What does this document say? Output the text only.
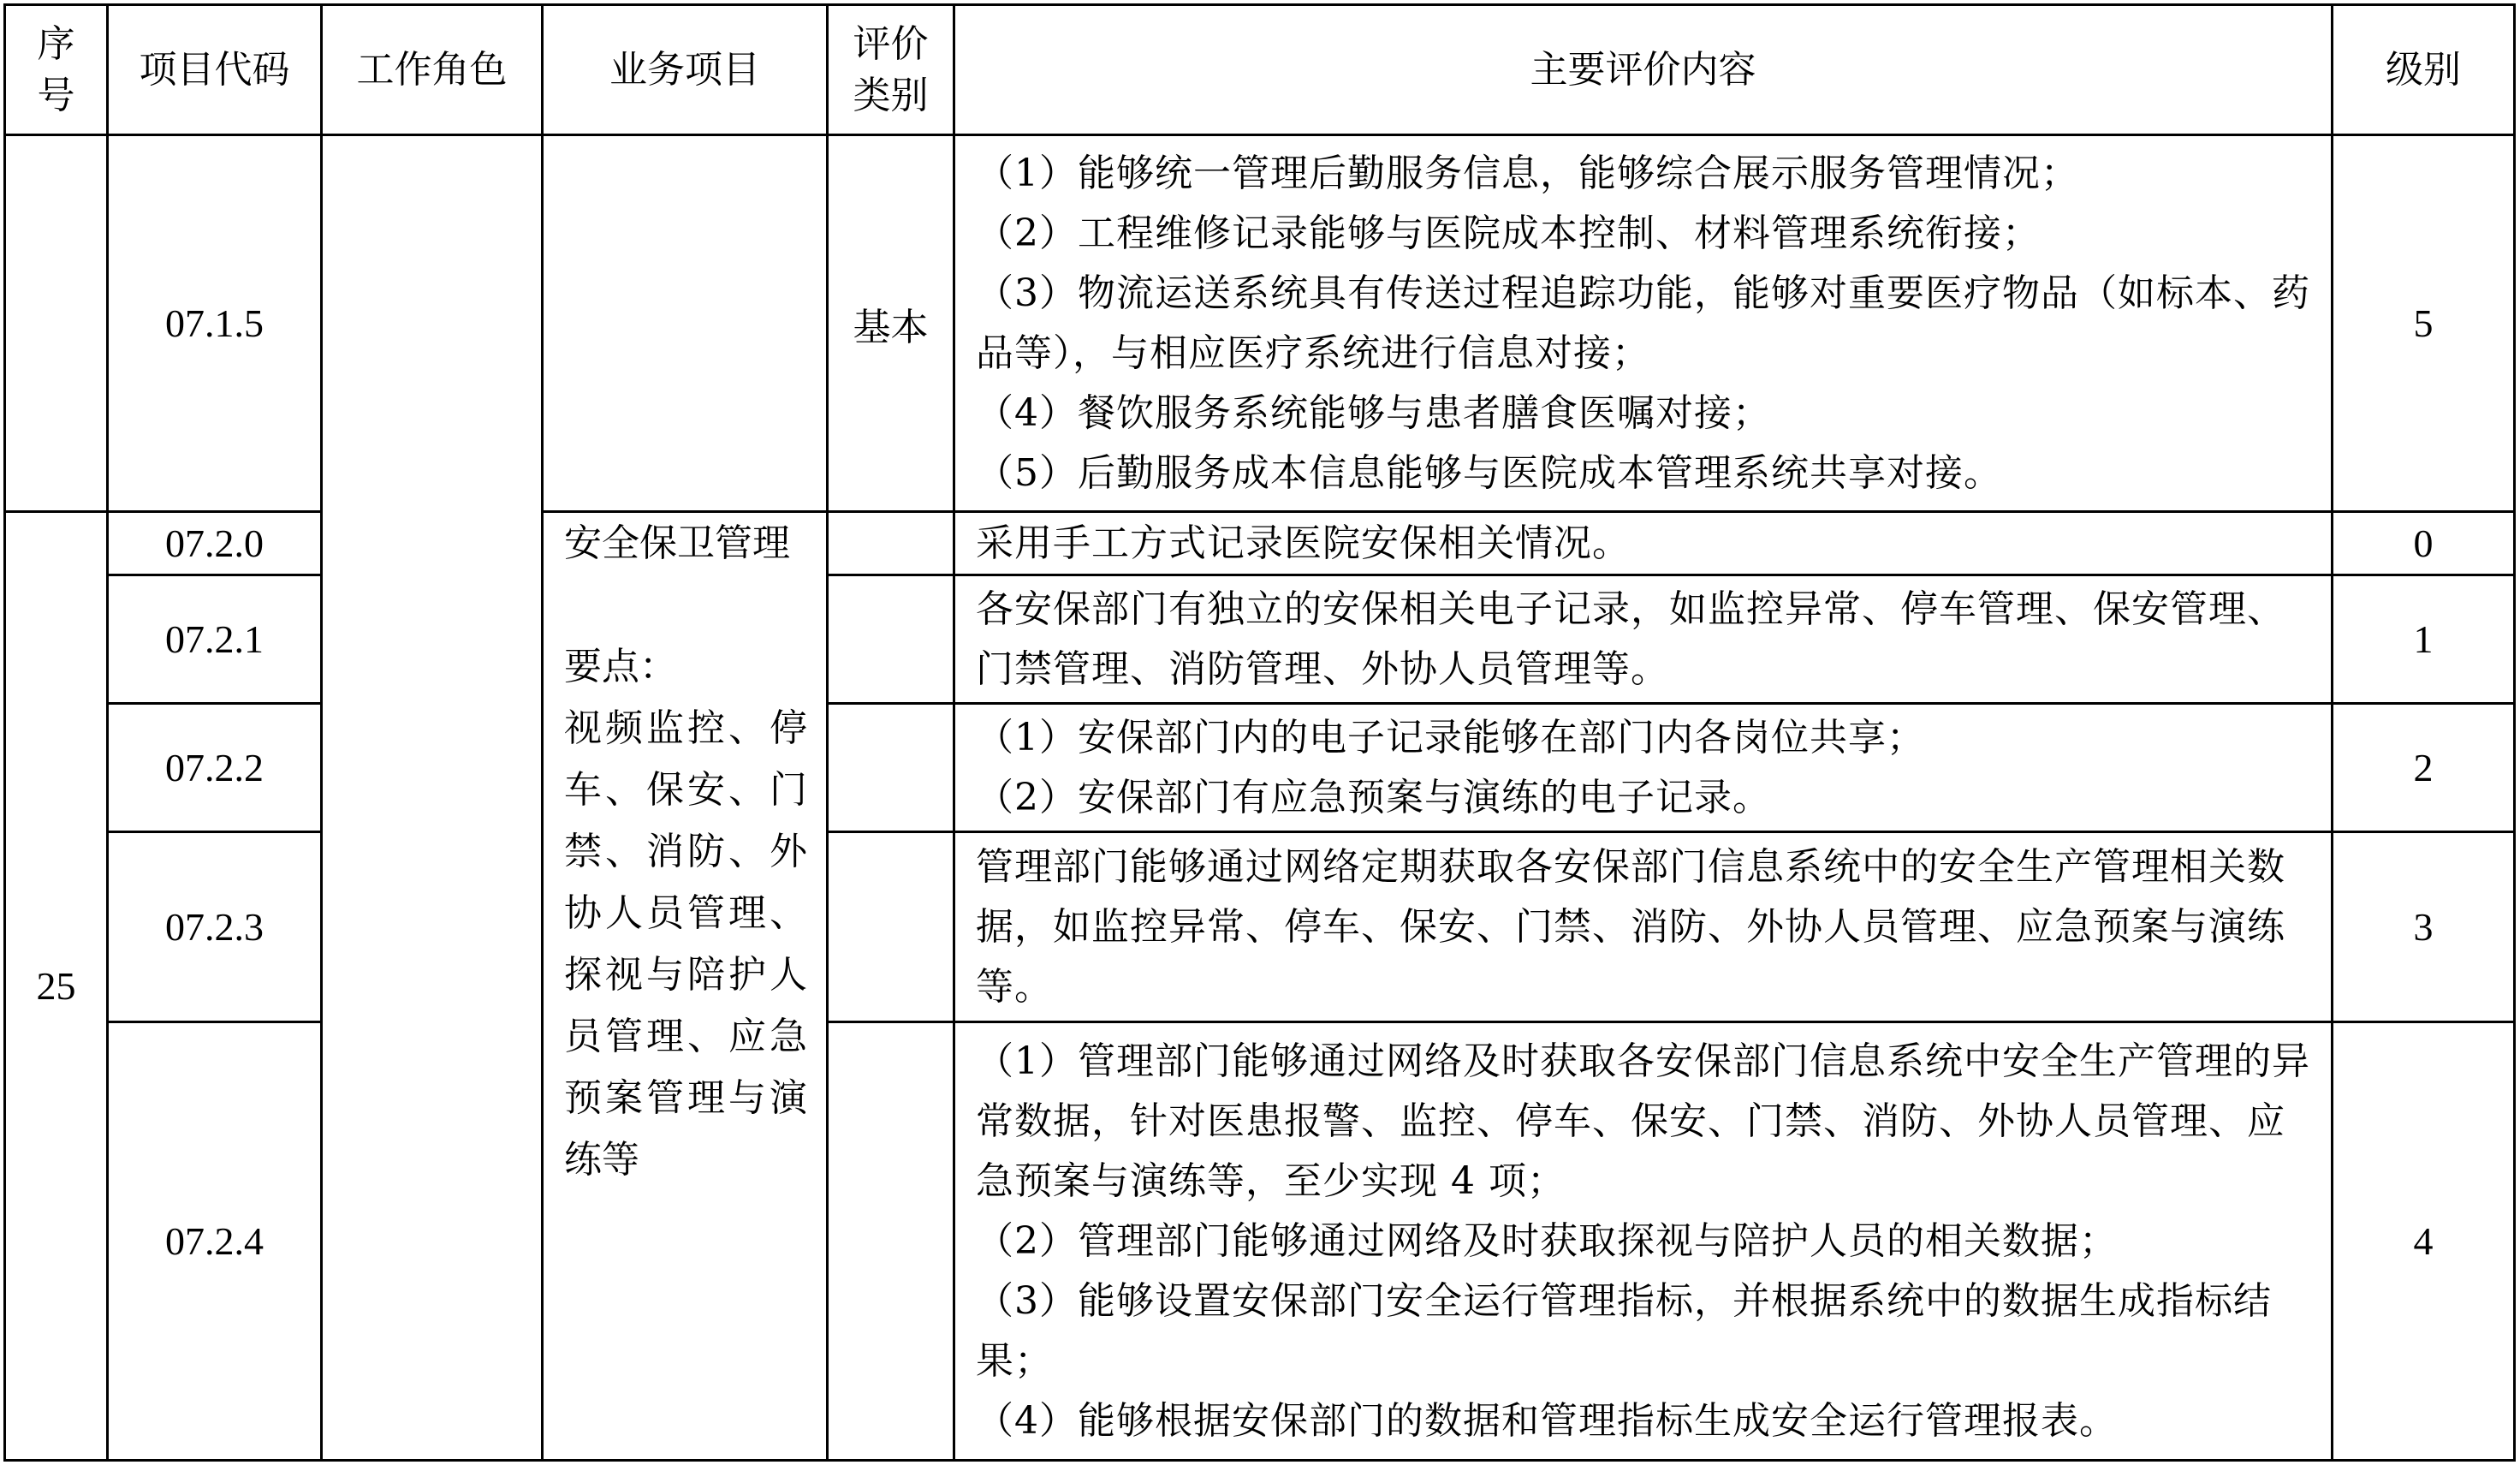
序号	项目代码	工作角色	业务项目	评价类别	主要评价内容	级别
	07.1.5			基本	（1）能够统一管理后勤服务信息，能够综合展示服务管理情况；
（2）工程维修记录能够与医院成本控制、材料管理系统衔接；
（3）物流运送系统具有传送过程追踪功能，能够对重要医疗物品（如标本、药品等），与相应医疗系统进行信息对接；
（4）餐饮服务系统能够与患者膳食医嘱对接；
（5）后勤服务成本信息能够与医院成本管理系统共享对接。	5
25	07.2.0		安全保卫管理
要点：
视频监控、停车、保安、门禁、消防、外协人员管理、探视与陪护人员管理、应急预案管理与演练等		采用手工方式记录医院安保相关情况。	0
	07.2.1				各安保部门有独立的安保相关电子记录，如监控异常、停车管理、保安管理、门禁管理、消防管理、外协人员管理等。	1
	07.2.2				（1）安保部门内的电子记录能够在部门内各岗位共享；
（2）安保部门有应急预案与演练的电子记录。	2
	07.2.3				管理部门能够通过网络定期获取各安保部门信息系统中的安全生产管理相关数据，如监控异常、停车、保安、门禁、消防、外协人员管理、应急预案与演练等。	3
	07.2.4				（1）管理部门能够通过网络及时获取各安保部门信息系统中安全生产管理的异常数据，针对医患报警、监控、停车、保安、门禁、消防、外协人员管理、应急预案与演练等，至少实现 4 项；
（2）管理部门能够通过网络及时获取探视与陪护人员的相关数据；
（3）能够设置安保部门安全运行管理指标，并根据系统中的数据生成指标结果；
（4）能够根据安保部门的数据和管理指标生成安全运行管理报表。	4
